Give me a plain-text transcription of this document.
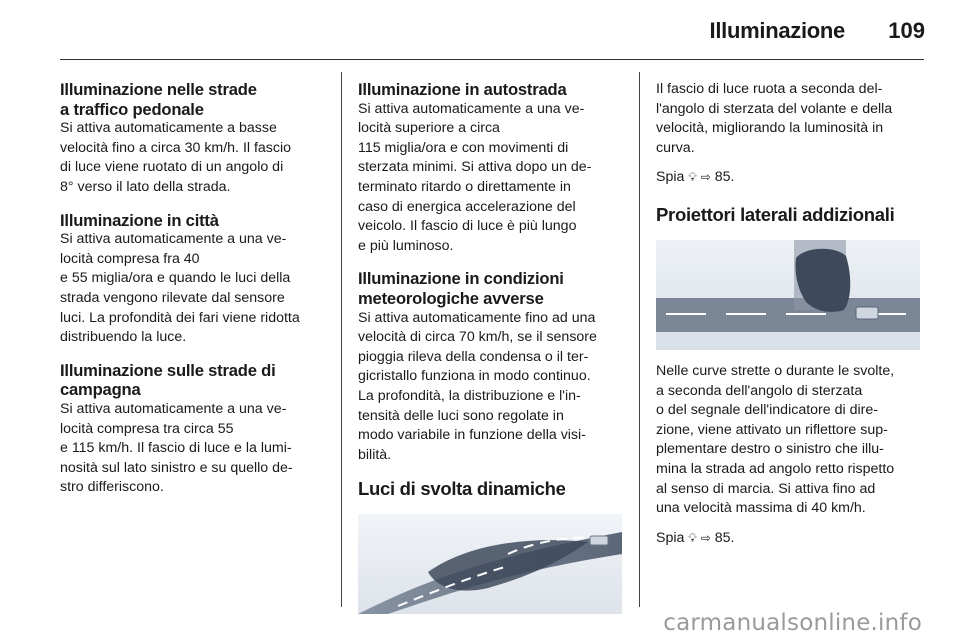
Illuminazione	109
Illuminazione nelle strade
a traffico pedonale

Si attiva automaticamente a basse
velocità fino a circa 30 km/h. Il fascio
di luce viene ruotato di un angolo di
8° verso il lato della strada.

Illuminazione in città

Si attiva automaticamente a una ve-
locità compresa fra 40
e 55 miglia/ora e quando le luci della
strada vengono rilevate dal sensore
luci. La profondità dei fari viene ridotta
distribuendo la luce.

Illuminazione sulle strade di
campagna

Si attiva automaticamente a una ve-
locità compresa tra circa 55
e 115 km/h. Il fascio di luce e la lumi-
nosità sul lato sinistro e su quello de-
stro differiscono.

Illuminazione in autostrada

Si attiva automaticamente a una ve-
locità superiore a circa
115 miglia/ora e con movimenti di
sterzata minimi. Si attiva dopo un de-
terminato ritardo o direttamente in
caso di energica accelerazione del
veicolo. Il fascio di luce è più lungo
e più luminoso.

Illuminazione in condizioni
meteorologiche avverse

Si attiva automaticamente fino ad una
velocità di circa 70 km/h, se il sensore
pioggia rileva della condensa o il ter-
gicristallo funziona in modo continuo.
La profondità, la distribuzione e l'in-
tensità delle luci sono regolate in
modo variabile in funzione della visi-
bilità.

Luci di svolta dinamiche

Il fascio di luce ruota a seconda del-
l'angolo di sterzata del volante e della
velocità, migliorando la luminosità in
curva.

Spia 💡︎ ⇨ 85.

Proiettori laterali addizionali

Nelle curve strette o durante le svolte,
a seconda dell'angolo di sterzata
o del segnale dell'indicatore di dire-
zione, viene attivato un riflettore sup-
plementare destro o sinistro che illu-
mina la strada ad angolo retto rispetto
al senso di marcia. Si attiva fino ad
una velocità massima di 40 km/h.

Spia 💡︎ ⇨ 85.

carmanualsonline.info
